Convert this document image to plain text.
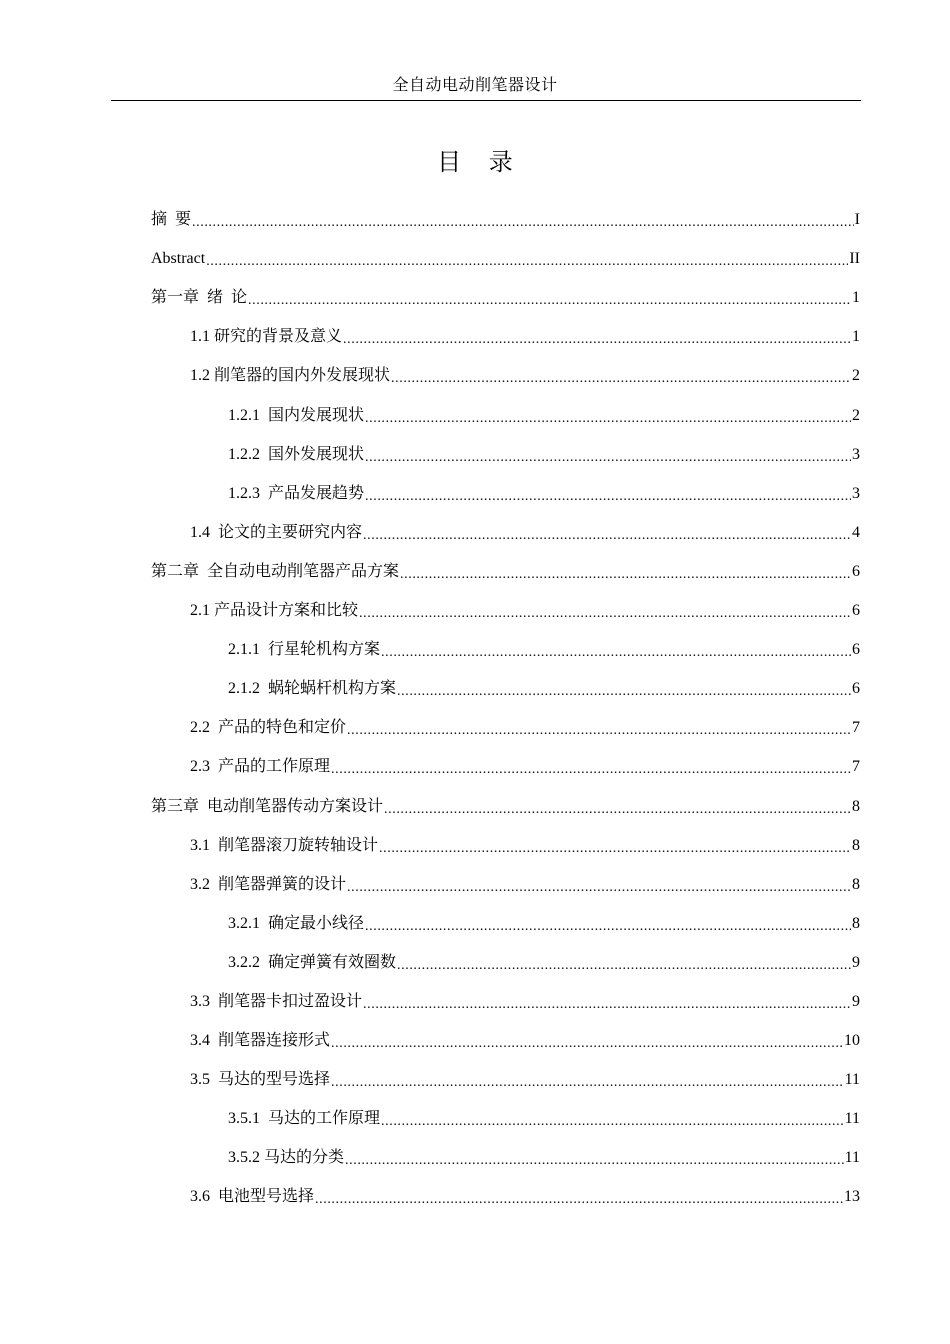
全自动电动削笔器设计
目 录
摘  要 .....	I
Abstract .....	II
第一章  绪  论 .....	1
1.1 研究的背景及意义 .....	1
1.2 削笔器的国内外发展现状 .....	2
1.2.1  国内发展现状 .....	2
1.2.2  国外发展现状 .....	3
1.2.3  产品发展趋势 .....	3
1.4  论文的主要研究内容 .....	4
第二章  全自动电动削笔器产品方案 .....	6
2.1 产品设计方案和比较 .....	6
2.1.1  行星轮机构方案 .....	6
2.1.2  蜗轮蜗杆机构方案 .....	6
2.2  产品的特色和定价 .....	7
2.3  产品的工作原理 .....	7
第三章  电动削笔器传动方案设计 .....	8
3.1  削笔器滚刀旋转轴设计 .....	8
3.2  削笔器弹簧的设计 .....	8
3.2.1  确定最小线径 .....	8
3.2.2  确定弹簧有效圈数 .....	9
3.3  削笔器卡扣过盈设计 .....	9
3.4  削笔器连接形式 .....	10
3.5  马达的型号选择 .....	11
3.5.1  马达的工作原理 .....	11
3.5.2 马达的分类 .....	11
3.6  电池型号选择 .....	13
